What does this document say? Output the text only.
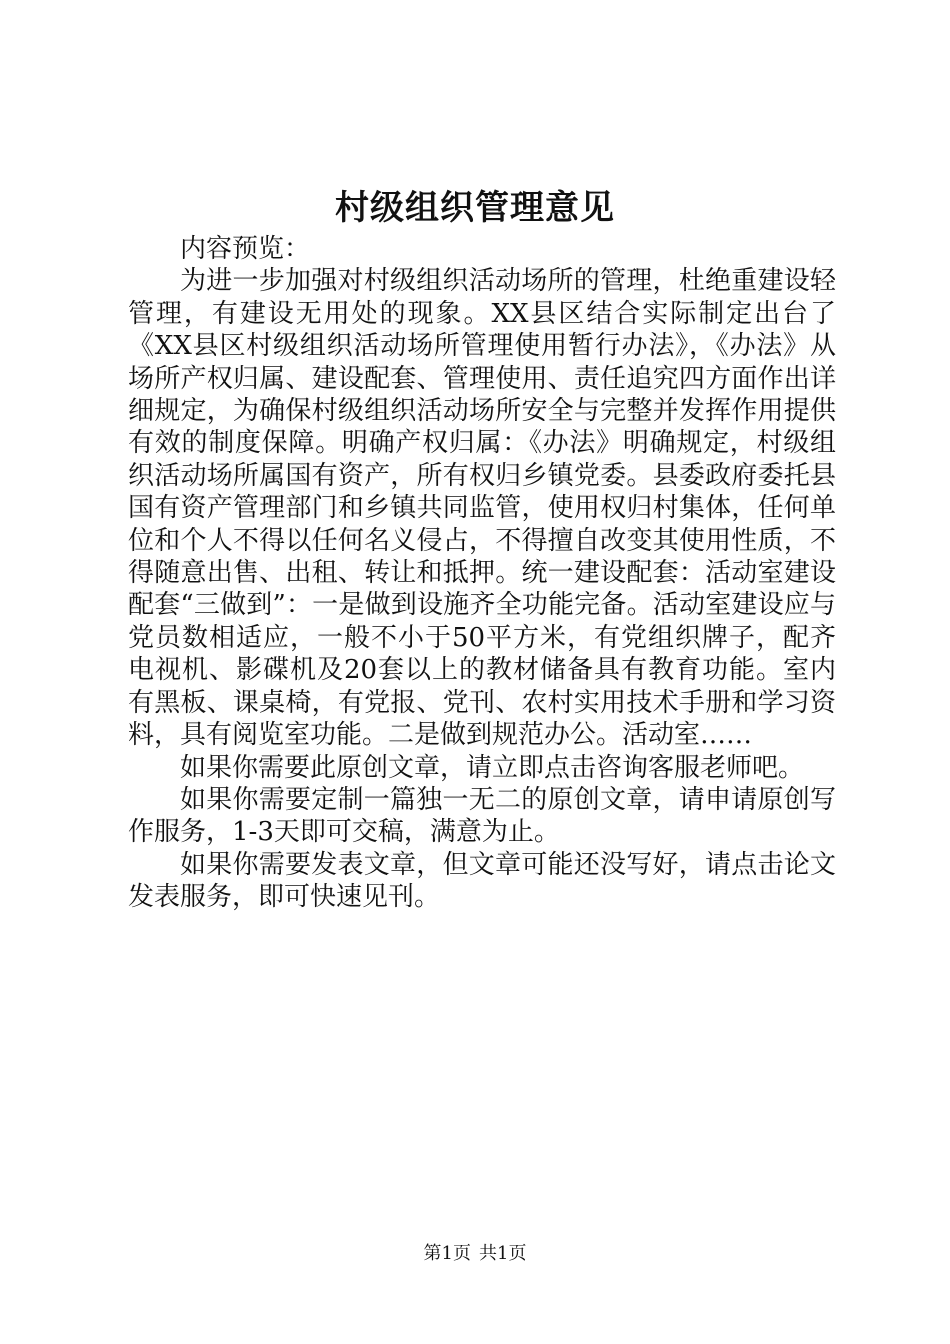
村级组织管理意见

内容预览：

为进一步加强对村级组织活动场所的管理，杜绝重建设轻管理，有建设无用处的现象。XX县区结合实际制定出台了《XX县区村级组织活动场所管理使用暂行办法》，《办法》从场所产权归属、建设配套、管理使用、责任追究四方面作出详细规定，为确保村级组织活动场所安全与完整并发挥作用提供有效的制度保障。明确产权归属：《办法》明确规定，村级组织活动场所属国有资产，所有权归乡镇党委。县委政府委托县国有资产管理部门和乡镇共同监管，使用权归村集体，任何单位和个人不得以任何名义侵占，不得擅自改变其使用性质，不得随意出售、出租、转让和抵押。统一建设配套：活动室建设配套“三做到”：一是做到设施齐全功能完备。活动室建设应与党员数相适应，一般不小于50平方米，有党组织牌子，配齐电视机、影碟机及20套以上的教材储备具有教育功能。室内有黑板、课桌椅，有党报、党刊、农村实用技术手册和学习资料，具有阅览室功能。二是做到规范办公。活动室……

如果你需要此原创文章，请立即点击咨询客服老师吧。

如果你需要定制一篇独一无二的原创文章，请申请原创写作服务，1-3天即可交稿，满意为止。

如果你需要发表文章，但文章可能还没写好，请点击论文发表服务，即可快速见刊。

第1页 共1页
